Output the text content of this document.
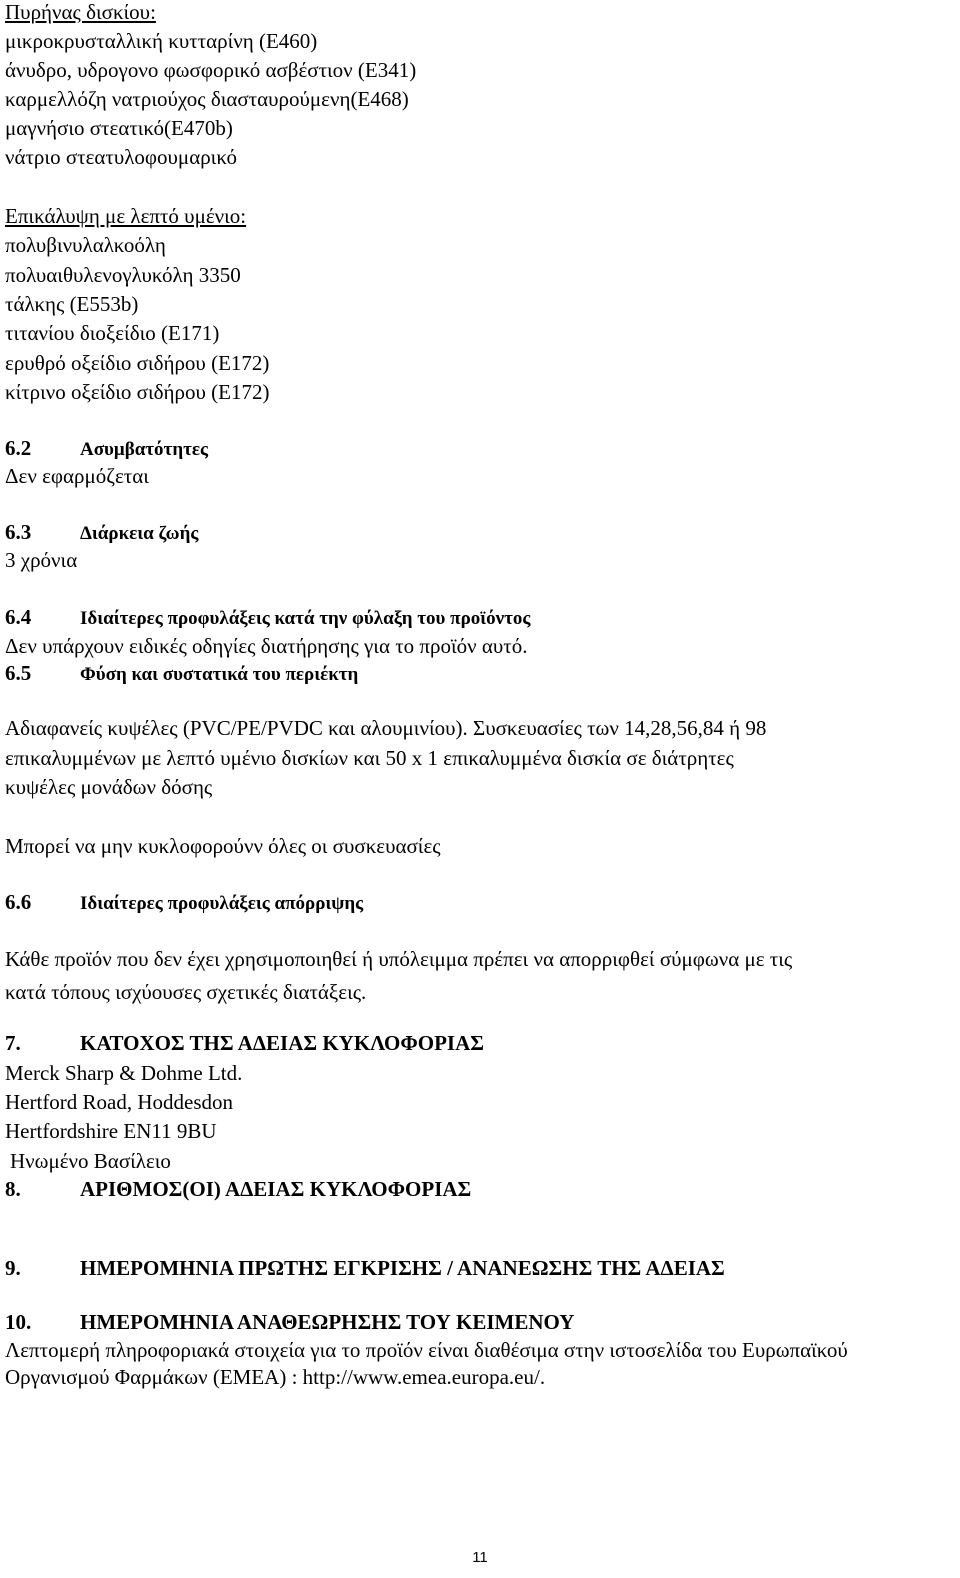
Πυρήνας δισκίου:
μικροκρυσταλλική κυτταρίνη (E460)
άνυδρο, υδρογονο φωσφορικό ασβέστιον (E341)
καρμελλόζη νατριούχος διασταυρούμενη(E468)
μαγνήσιο στεατικό(E470b)
νάτριο στεατυλοφουμαρικό
Επικάλυψη με λεπτό υμένιο:
πολυβινυλαλκοόλη
πολυαιθυλενογλυκόλη 3350
τάλκης (E553b)
τιτανίου διοξείδιο (E171)
ερυθρό οξείδιο σιδήρου (E172)
κίτρινο οξείδιο σιδήρου (E172)
6.2	Ασυμβατότητες
Δεν εφαρμόζεται
6.3	Διάρκεια ζωής
3 χρόνια
6.4	Ιδιαίτερες προφυλάξεις κατά την φύλαξη του προϊόντος
Δεν υπάρχουν ειδικές οδηγίες διατήρησης για το προϊόν αυτό.
6.5	Φύση και συστατικά του περιέκτη
Αδιαφανείς κυψέλες (PVC/PE/PVDC και αλουμινίου). Συσκευασίες των 14,28,56,84 ή 98
επικαλυμμένων με λεπτό υμένιο δισκίων και 50 x 1 επικαλυμμένα δισκία σε διάτρητες
κυψέλες μονάδων δόσης
Μπορεί να μην κυκλοφορούνν όλες οι συσκευασίες
6.6	Ιδιαίτερες προφυλάξεις απόρριψης
Κάθε προϊόν που δεν έχει χρησιμοποιηθεί ή υπόλειμμα πρέπει να απορριφθεί σύμφωνα με τις
κατά τόπους ισχύουσες σχετικές διατάξεις.
7.	ΚΑΤΟΧΟΣ ΤΗΣ ΑΔΕΙΑΣ ΚΥΚΛΟΦΟΡΙΑΣ
Merck Sharp & Dohme Ltd.
Hertford Road, Hoddesdon
Hertfordshire EN11 9BU
Ηνωμένο Βασίλειο
8.	ΑΡΙΘΜΟΣ(ΟΙ) ΑΔΕΙΑΣ ΚΥΚΛΟΦΟΡΙΑΣ
9.	ΗΜΕΡΟΜΗΝΙΑ ΠΡΩΤΗΣ ΕΓΚΡΙΣΗΣ / ΑΝΑΝΕΩΣΗΣ ΤΗΣ ΑΔΕΙΑΣ
10. ΗΜΕΡΟΜΗΝΙΑ ΑΝΑΘΕΩΡΗΣΗΣ ΤΟΥ ΚΕΙΜΕΝΟΥ
Λεπτομερή πληροφοριακά στοιχεία για το προϊόν είναι διαθέσιμα στην ιστοσελίδα του Ευρωπαϊκού
Οργανισμού Φαρμάκων (EMEA) : http://www.emea.europa.eu/.
11
